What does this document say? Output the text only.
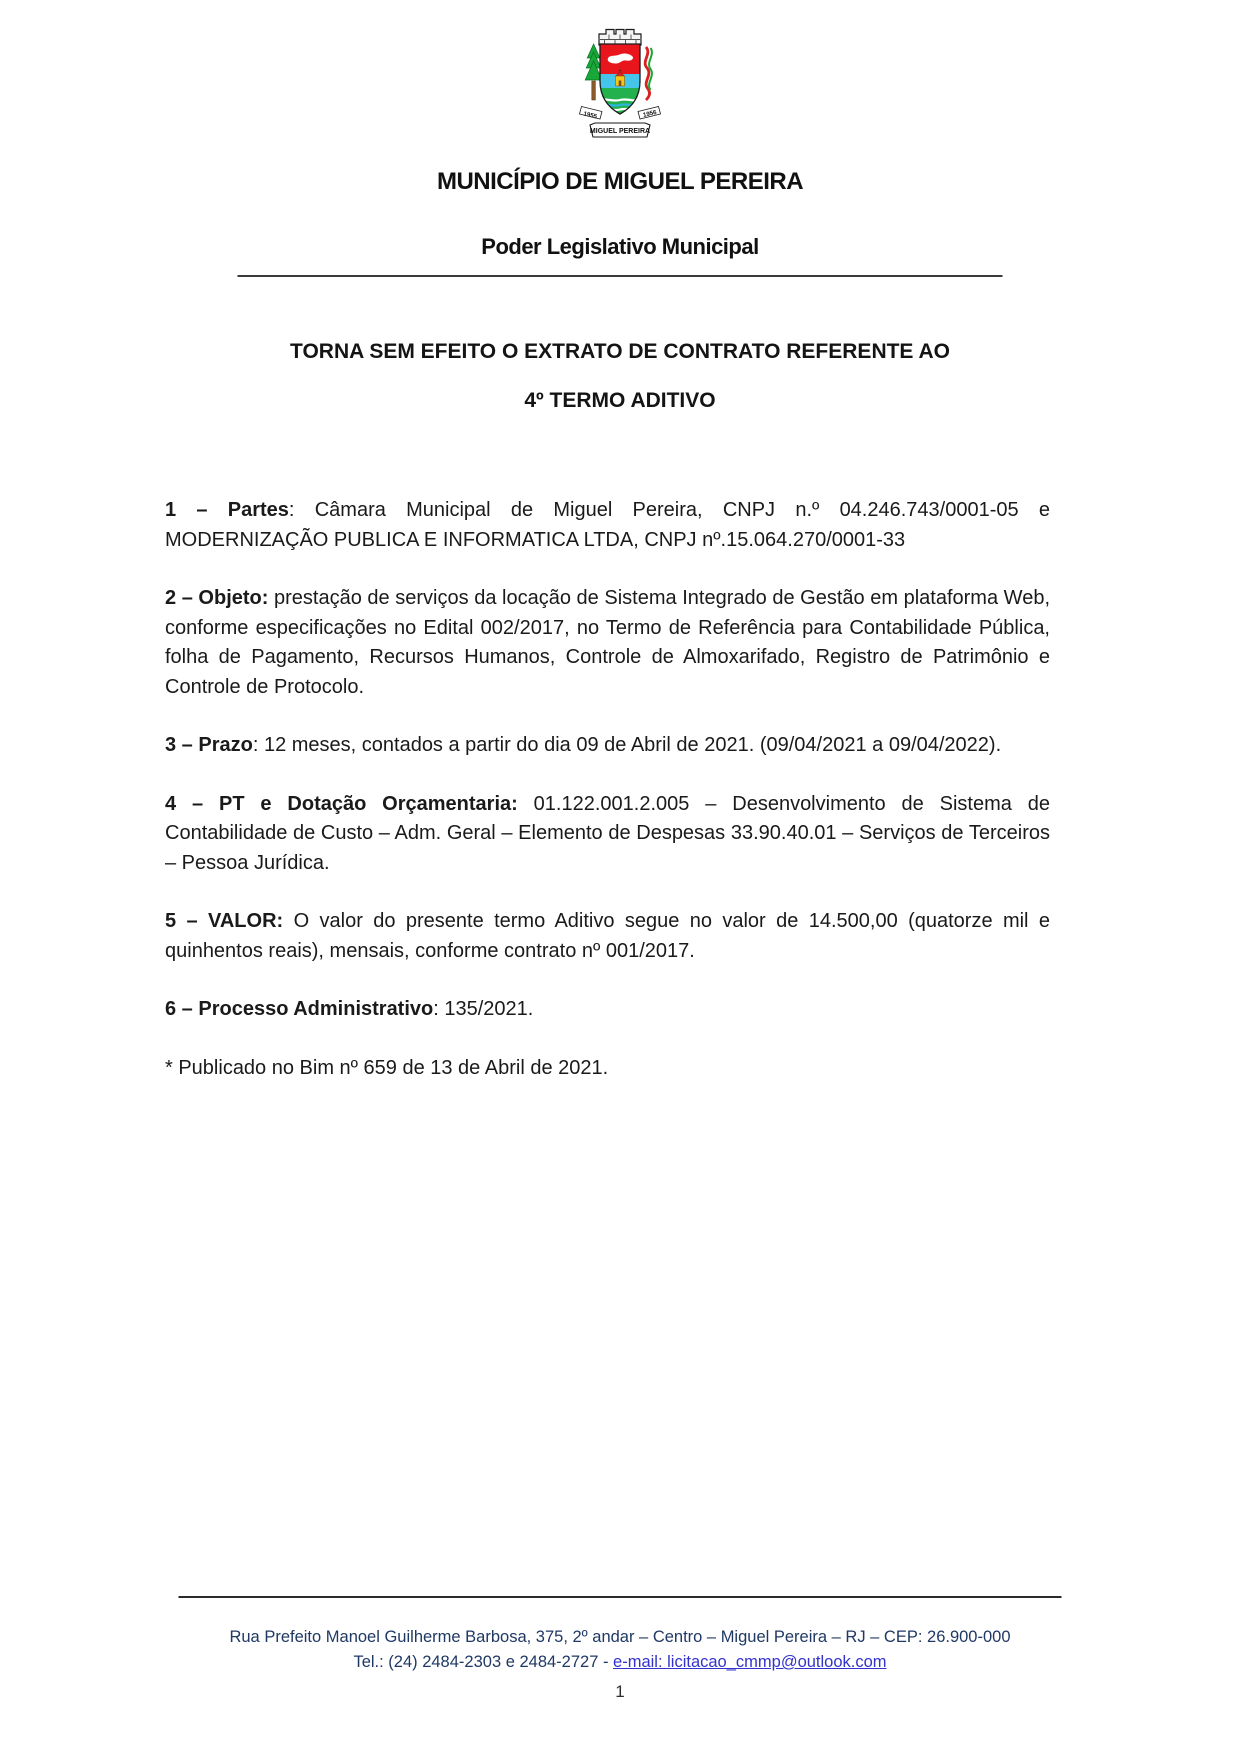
1955	1956
MIGUEL PEREIRA
MUNICÍPIO DE MIGUEL PEREIRA
Poder Legislativo Municipal
TORNA SEM EFEITO O EXTRATO DE CONTRATO REFERENTE AO
4º TERMO ADITIVO

1 – Partes: Câmara Municipal de Miguel Pereira, CNPJ n.º 04.246.743/0001-05 e MODERNIZAÇÃO PUBLICA E INFORMATICA LTDA, CNPJ nº.15.064.270/0001-33

2 – Objeto: prestação de serviços da locação de Sistema Integrado de Gestão em plataforma Web, conforme especificações no Edital 002/2017, no Termo de Referência para Contabilidade Pública, folha de Pagamento, Recursos Humanos, Controle de Almoxarifado, Registro de Patrimônio e Controle de Protocolo.

3 – Prazo: 12 meses, contados a partir do dia 09 de Abril de 2021. (09/04/2021 a 09/04/2022).

4 – PT e Dotação Orçamentaria: 01.122.001.2.005 – Desenvolvimento de Sistema de Contabilidade de Custo – Adm. Geral – Elemento de Despesas 33.90.40.01 – Serviços de Terceiros – Pessoa Jurídica.

5 – VALOR: O valor do presente termo Aditivo segue no valor de 14.500,00 (quatorze mil e quinhentos reais), mensais, conforme contrato nº 001/2017.

6 – Processo Administrativo: 135/2021.

* Publicado no Bim nº 659 de 13 de Abril de 2021.

Rua Prefeito Manoel Guilherme Barbosa, 375, 2º andar – Centro – Miguel Pereira – RJ – CEP: 26.900-000
Tel.: (24) 2484-2303 e 2484-2727 - e-mail: licitacao_cmmp@outlook.com
1
